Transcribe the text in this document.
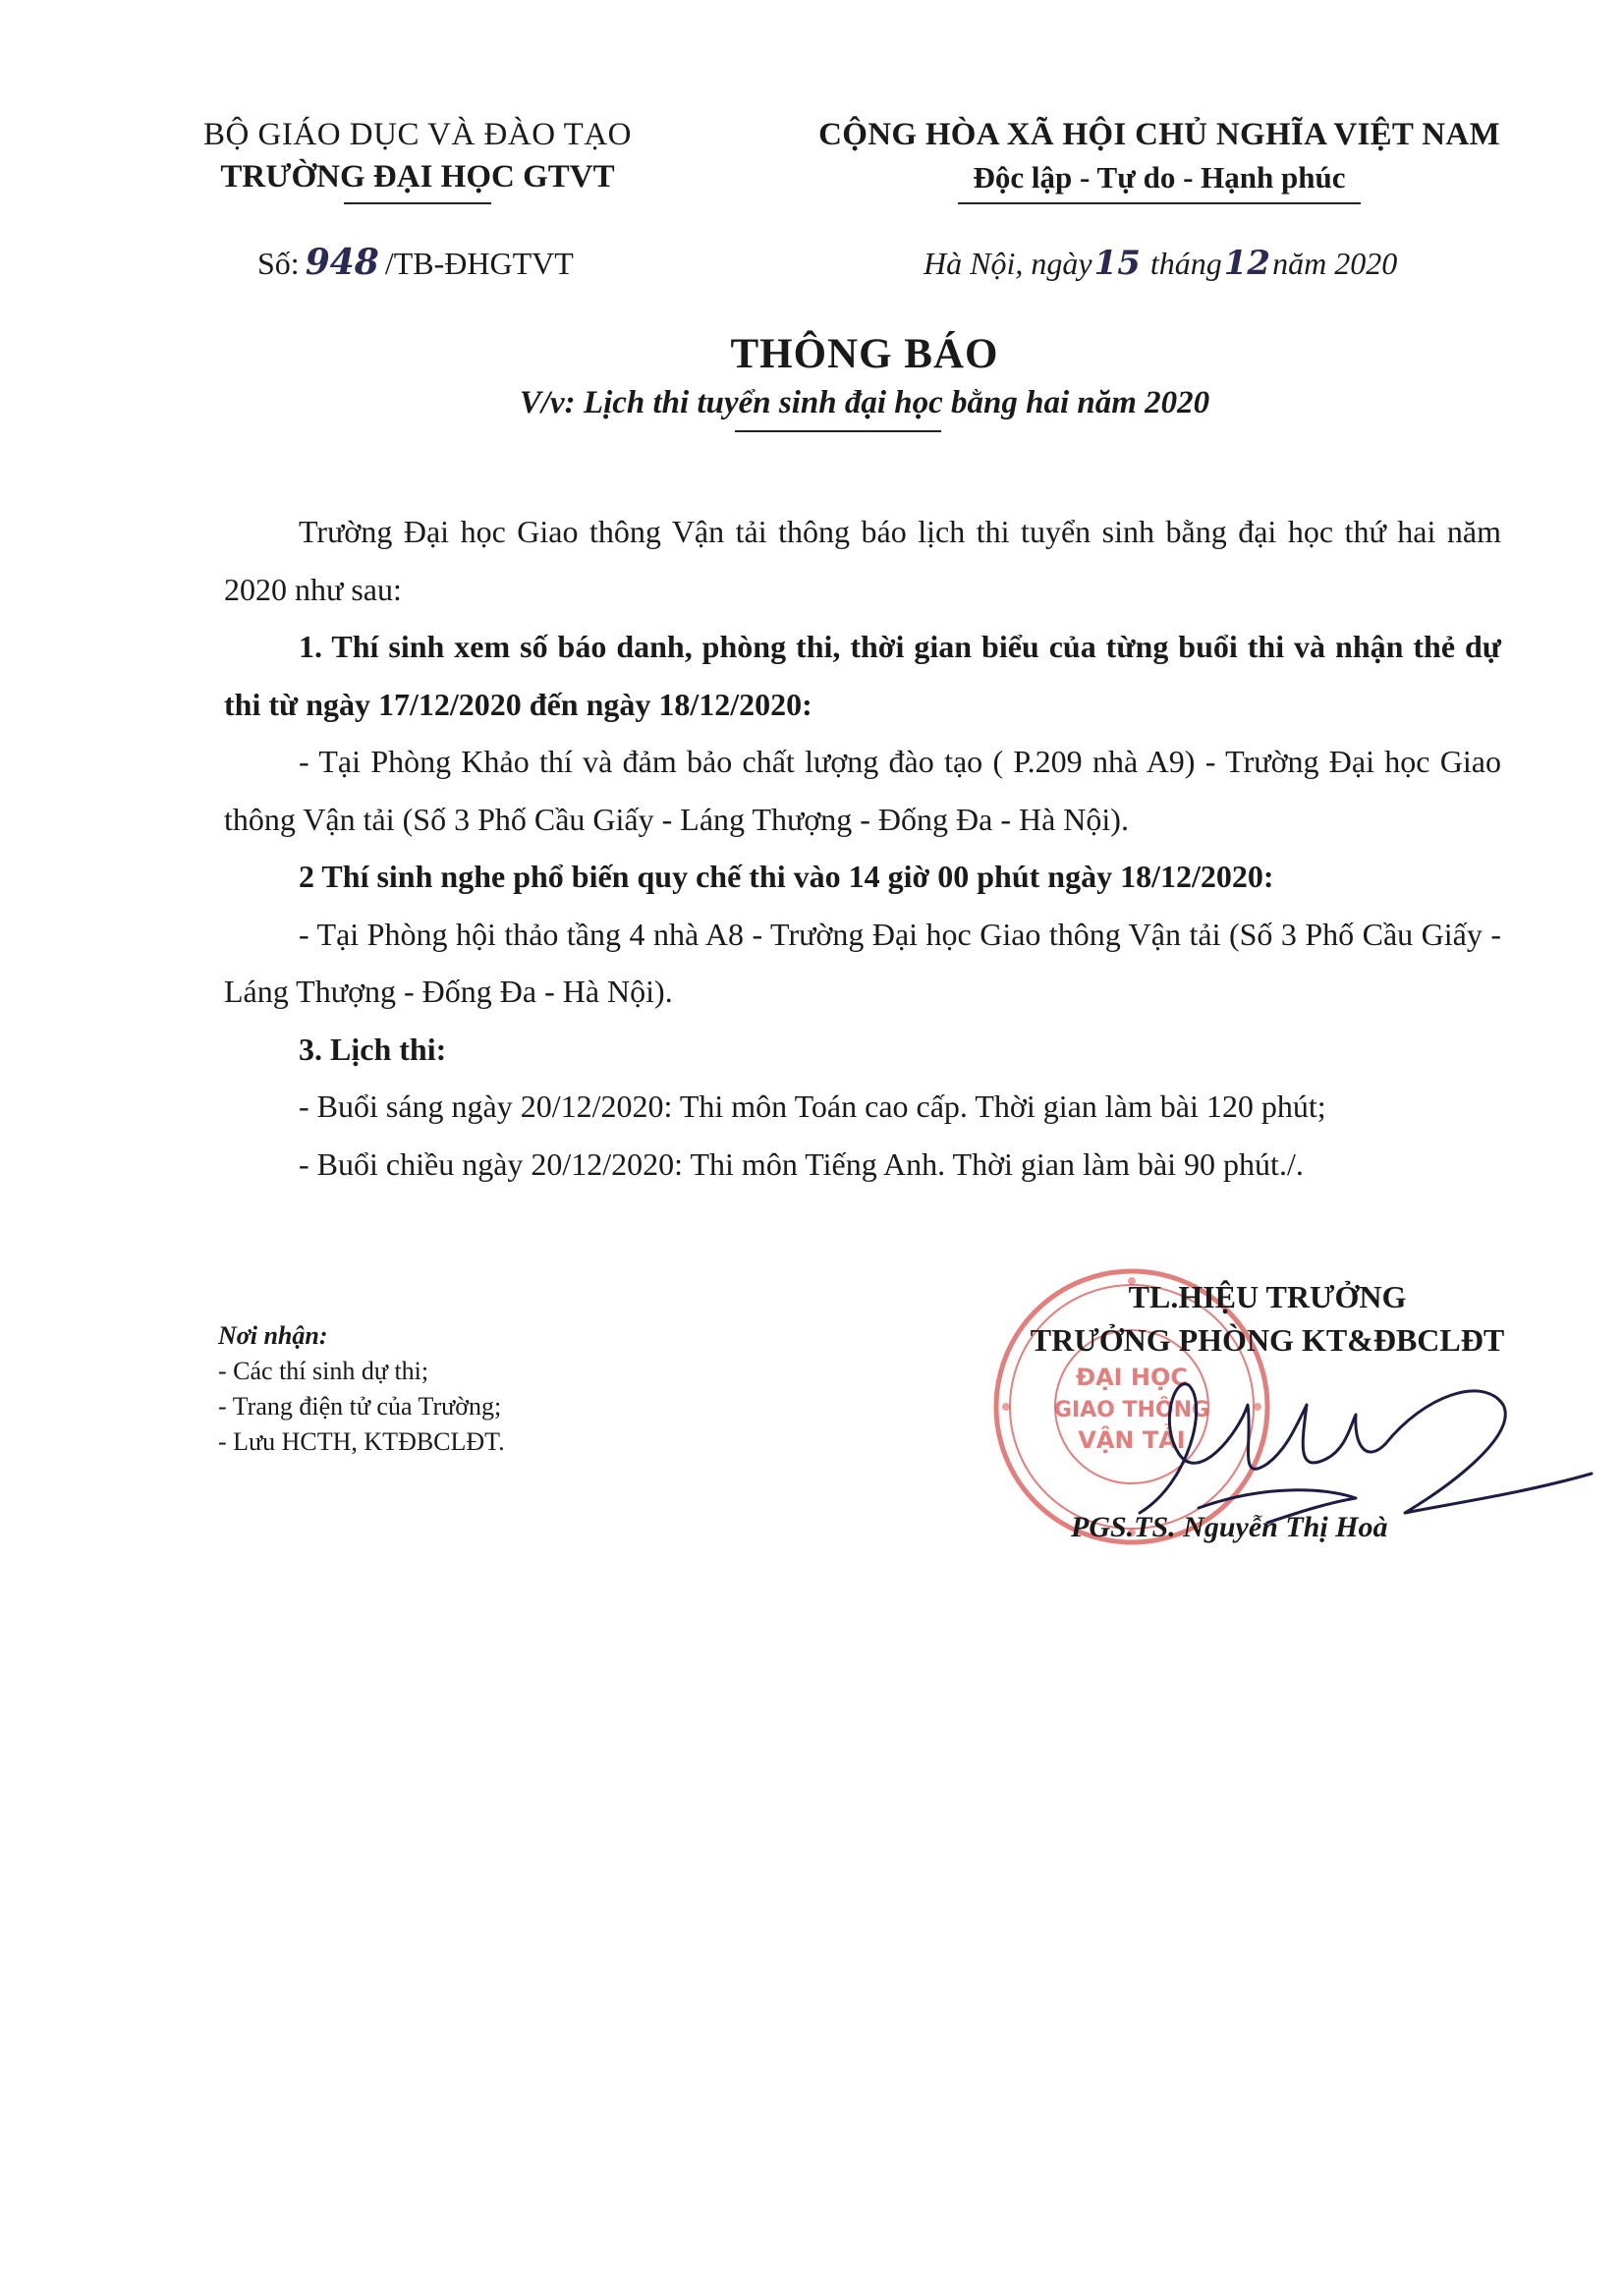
BỘ GIÁO DỤC VÀ ĐÀO TẠO
TRƯỜNG ĐẠI HỌC GTVT
CỘNG HÒA XÃ HỘI CHỦ NGHĨA VIỆT NAM
Độc lập - Tự do - Hạnh phúc
Số: 948 /TB-ĐHGTVT	Hà Nội, ngày15 tháng12năm 2020
THÔNG BÁO
V/v: Lịch thi tuyển sinh đại học bằng hai năm 2020

Trường Đại học Giao thông Vận tải thông báo lịch thi tuyển sinh bằng đại học thứ hai năm 2020 như sau:

1. Thí sinh xem số báo danh, phòng thi, thời gian biểu của từng buổi thi và nhận thẻ dự thi từ ngày 17/12/2020 đến ngày 18/12/2020:

- Tại Phòng Khảo thí và đảm bảo chất lượng đào tạo ( P.209 nhà A9) - Trường Đại học Giao thông Vận tải (Số 3 Phố Cầu Giấy - Láng Thượng - Đống Đa - Hà Nội).

2 Thí sinh nghe phổ biến quy chế thi vào 14 giờ 00 phút ngày 18/12/2020:

- Tại Phòng hội thảo tầng 4 nhà A8 - Trường Đại học Giao thông Vận tải (Số 3 Phố Cầu Giấy - Láng Thượng - Đống Đa - Hà Nội).

3. Lịch thi:

- Buổi sáng ngày 20/12/2020: Thi môn Toán cao cấp. Thời gian làm bài 120 phút;

- Buổi chiều ngày 20/12/2020: Thi môn Tiếng Anh. Thời gian làm bài 90 phút./.

Nơi nhận:
- Các thí sinh dự thi;
- Trang điện tử của Trường;
- Lưu HCTH, KTĐBCLĐT.
ĐẠI HỌC
GIAO THÔNG
VẬN TẢI
TL.HIỆU TRƯỞNG
TRƯỞNG PHÒNG KT&ĐBCLĐT
PGS.TS. Nguyễn Thị Hoà
